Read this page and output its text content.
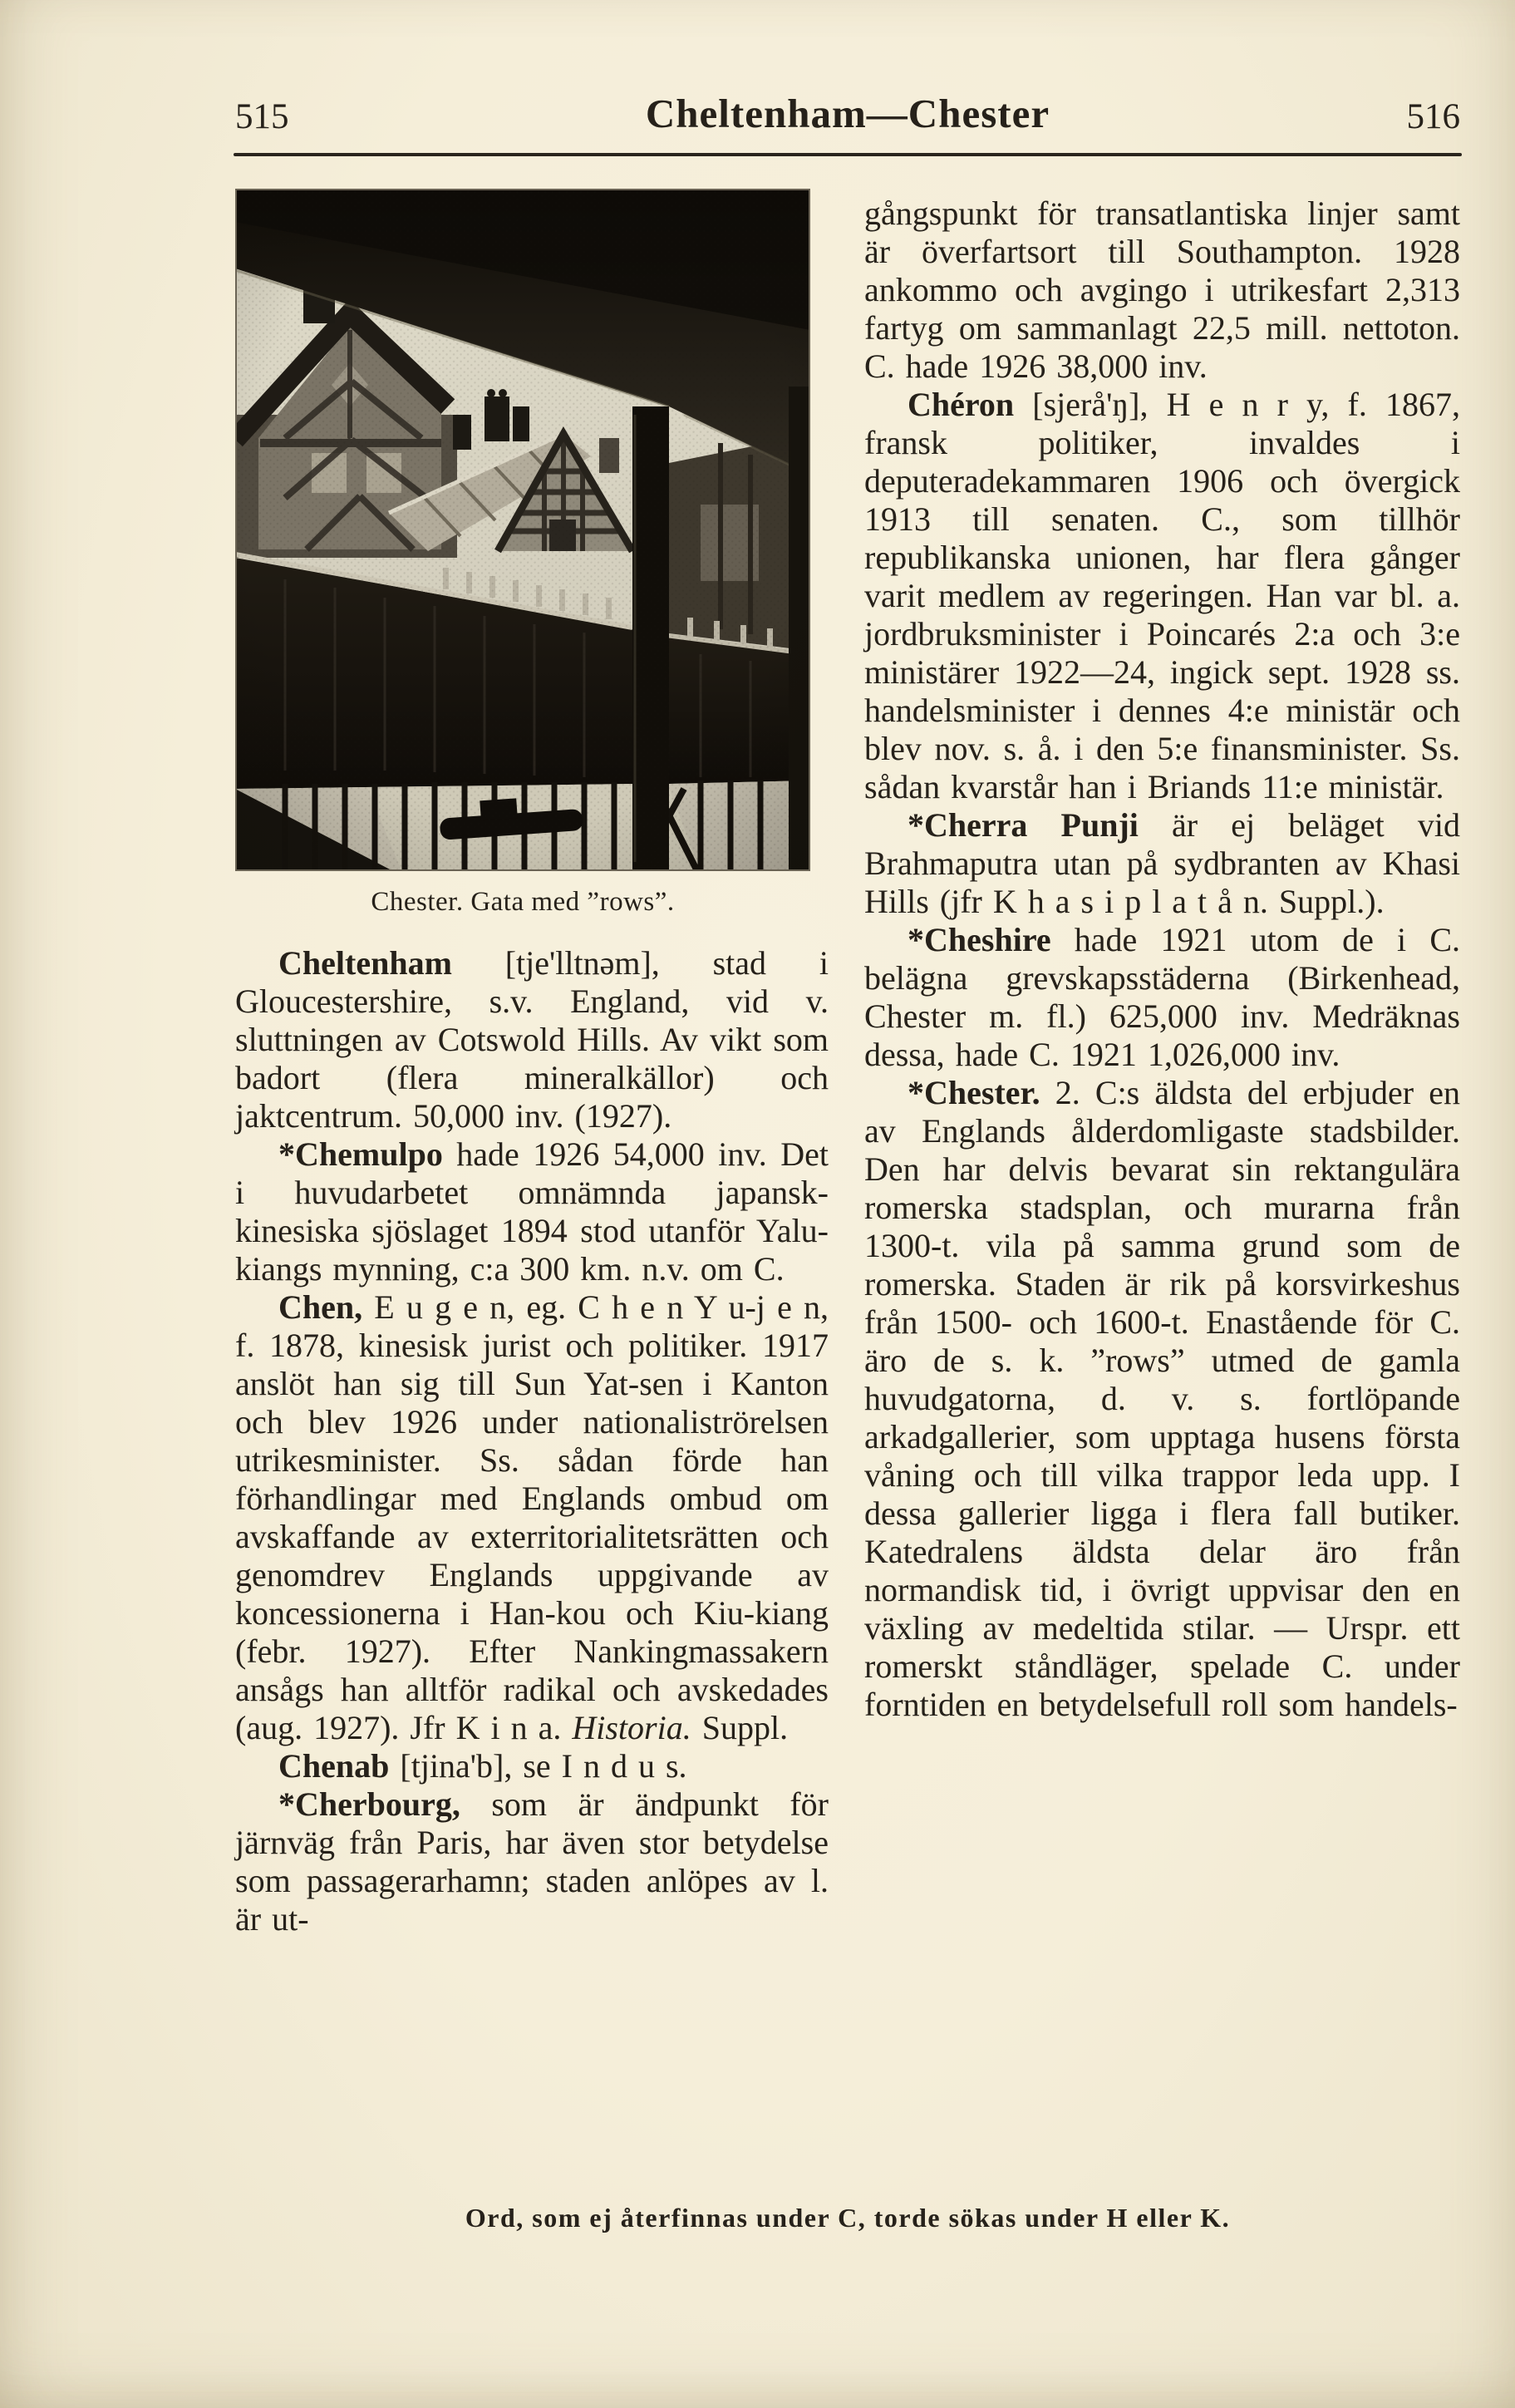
515	Cheltenham—Chester	516
Chester. Gata med ”rows”.

Cheltenham [tje'lltnəm], stad i Gloucestershire, s.v. England, vid v. sluttningen av Cotswold Hills. Av vikt som badort (flera mineralkällor) och jaktcentrum. 50,000 inv. (1927).

*Chemulpo hade 1926 54,000 inv. Det i huvudarbetet omnämnda japansk-kinesiska sjöslaget 1894 stod utanför Yalu-kiangs mynning, c:a 300 km. n.v. om C.

Chen, E u g e n, eg. C h e n Y u-j e n, f. 1878, kinesisk jurist och politiker. 1917 anslöt han sig till Sun Yat-sen i Kanton och blev 1926 under nationaliströrelsen utrikesminister. Ss. sådan förde han förhandlingar med Englands ombud om avskaffande av exterritorialitetsrätten och genomdrev Englands uppgivande av koncessionerna i Han-kou och Kiu-kiang (febr. 1927). Efter Nankingmassakern ansågs han alltför radikal och avskedades (aug. 1927). Jfr K i n a. Historia. Suppl.

Chenab [tjina'b], se I n d u s.

*Cherbourg, som är ändpunkt för järnväg från Paris, har även stor betydelse som passagerarhamn; staden anlöpes av l. är ut-

gångspunkt för transatlantiska linjer samt är överfartsort till Southampton. 1928 ankommo och avgingo i utrikesfart 2,313 fartyg om sammanlagt 22,5 mill. nettoton. C. hade 1926 38,000 inv.

Chéron [sjerå'ŋ], H e n r y, f. 1867, fransk politiker, invaldes i deputeradekammaren 1906 och övergick 1913 till senaten. C., som tillhör republikanska unionen, har flera gånger varit medlem av regeringen. Han var bl. a. jordbruksminister i Poincarés 2:a och 3:e ministärer 1922—24, ingick sept. 1928 ss. handelsminister i dennes 4:e ministär och blev nov. s. å. i den 5:e finansminister. Ss. sådan kvarstår han i Briands 11:e ministär.

*Cherra Punji är ej beläget vid Brahmaputra utan på sydbranten av Khasi Hills (jfr K h a s i p l a t å n. Suppl.).

*Cheshire hade 1921 utom de i C. belägna grevskapsstäderna (Birkenhead, Chester m. fl.) 625,000 inv. Medräknas dessa, hade C. 1921 1,026,000 inv.

*Chester. 2. C:s äldsta del erbjuder en av Englands ålderdomligaste stadsbilder. Den har delvis bevarat sin rektangulära romerska stadsplan, och murarna från 1300-t. vila på samma grund som de romerska. Staden är rik på korsvirkeshus från 1500- och 1600-t. Enastående för C. äro de s. k. ”rows” utmed de gamla huvudgatorna, d. v. s. fortlöpande arkadgallerier, som upptaga husens första våning och till vilka trappor leda upp. I dessa gallerier ligga i flera fall butiker. Katedralens äldsta delar äro från normandisk tid, i övrigt uppvisar den en växling av medeltida stilar. — Urspr. ett romerskt ståndläger, spelade C. under forntiden en betydelsefull roll som handels-

Ord, som ej återfinnas under C, torde sökas under H eller K.
